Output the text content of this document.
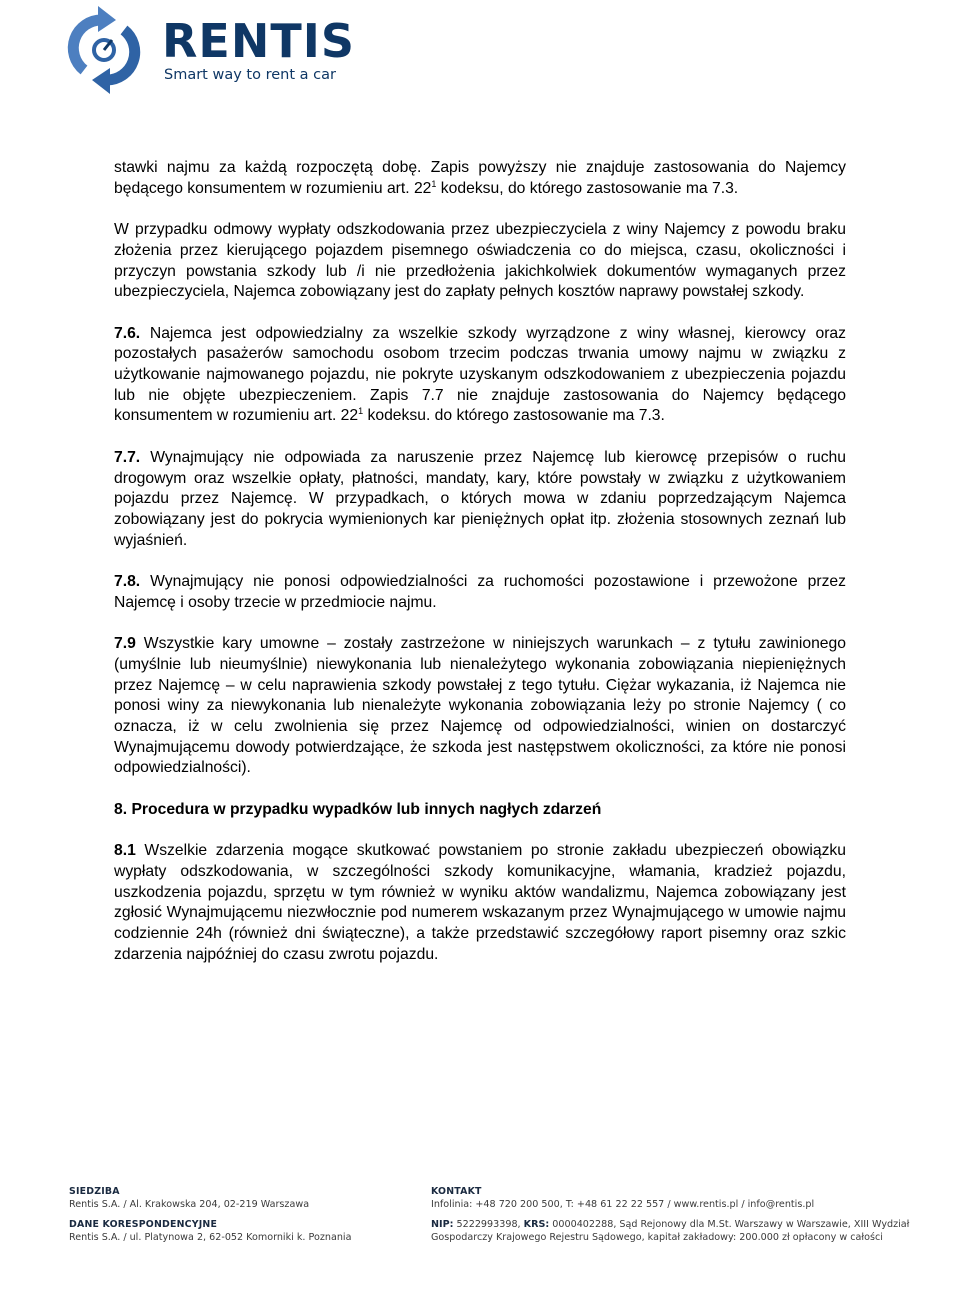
RENTIS
Smart way to rent a car

stawki najmu za każdą rozpoczętą dobę. Zapis powyższy nie znajduje zastosowania do Najemcy będącego konsumentem w rozumieniu art. $22^1$ kodeksu, do którego zastosowanie ma 7.3.

W przypadku odmowy wypłaty odszkodowania przez ubezpieczyciela z winy Najemcy z powodu braku złożenia przez kierującego pojazdem pisemnego oświadczenia co do miejsca, czasu, okoliczności i przyczyn powstania szkody lub /i nie przedłożenia jakichkolwiek dokumentów wymaganych przez ubezpieczyciela, Najemca zobowiązany jest do zapłaty pełnych kosztów naprawy powstałej szkody.

7.6. Najemca jest odpowiedzialny za wszelkie szkody wyrządzone z winy własnej, kierowcy oraz pozostałych pasażerów samochodu osobom trzecim podczas trwania umowy najmu w związku z użytkowanie najmowanego pojazdu, nie pokryte uzyskanym odszkodowaniem z ubezpieczenia pojazdu lub nie objęte ubezpieczeniem. Zapis 7.7 nie znajduje zastosowania do Najemcy będącego konsumentem w rozumieniu art. $22^1$ kodeksu. do którego zastosowanie ma 7.3.

7.7. Wynajmujący nie odpowiada za naruszenie przez Najemcę lub kierowcę przepisów o ruchu drogowym oraz wszelkie opłaty, płatności, mandaty, kary, które powstały w związku z użytkowaniem pojazdu przez Najemcę. W przypadkach, o których mowa w zdaniu poprzedzającym Najemca zobowiązany jest do pokrycia wymienionych kar pieniężnych opłat itp. złożenia stosownych zeznań lub wyjaśnień.

7.8. Wynajmujący nie ponosi odpowiedzialności za ruchomości pozostawione i przewożone przez Najemcę i osoby trzecie w przedmiocie najmu.

7.9 Wszystkie kary umowne – zostały zastrzeżone w niniejszych warunkach – z tytułu zawinionego (umyślnie lub nieumyślnie) niewykonania lub nienależytego wykonania zobowiązania niepieniężnych przez Najemcę – w celu naprawienia szkody powstałej z tego tytułu. Ciężar wykazania, iż Najemca nie ponosi winy za niewykonania lub nienależyte wykonania zobowiązania leży po stronie Najemcy ( co oznacza, iż w celu zwolnienia się przez Najemcę od odpowiedzialności, winien on dostarczyć Wynajmującemu dowody potwierdzające, że szkoda jest następstwem okoliczności, za które nie ponosi odpowiedzialności).

8. Procedura w przypadku wypadków lub innych nagłych zdarzeń

8.1 Wszelkie zdarzenia mogące skutkować powstaniem po stronie zakładu ubezpieczeń obowiązku wypłaty odszkodowania, w szczególności szkody komunikacyjne, włamania, kradzież pojazdu, uszkodzenia pojazdu, sprzętu w tym również w wyniku aktów wandalizmu, Najemca zobowiązany jest zgłosić Wynajmującemu niezwłocznie pod numerem wskazanym przez Wynajmującego w umowie najmu codziennie 24h (również dni świąteczne), a także przedstawić szczegółowy raport pisemny oraz szkic zdarzenia najpóźniej do czasu zwrotu pojazdu.

SIEDZIBA
Rentis S.A. / Al. Krakowska 204, 02-219 Warszawa
DANE KORESPONDENCYJNE
Rentis S.A. / ul. Platynowa 2, 62-052 Komorniki k. Poznania
KONTAKT
Infolinia: +48 720 200 500, T: +48 61 22 22 557 / www.rentis.pl / info@rentis.pl
NIP: 5222993398, KRS: 0000402288, Sąd Rejonowy dla M.St. Warszawy w Warszawie, XIII Wydział
Gospodarczy Krajowego Rejestru Sądowego, kapitał zakładowy: 200.000 zł opłacony w całości
